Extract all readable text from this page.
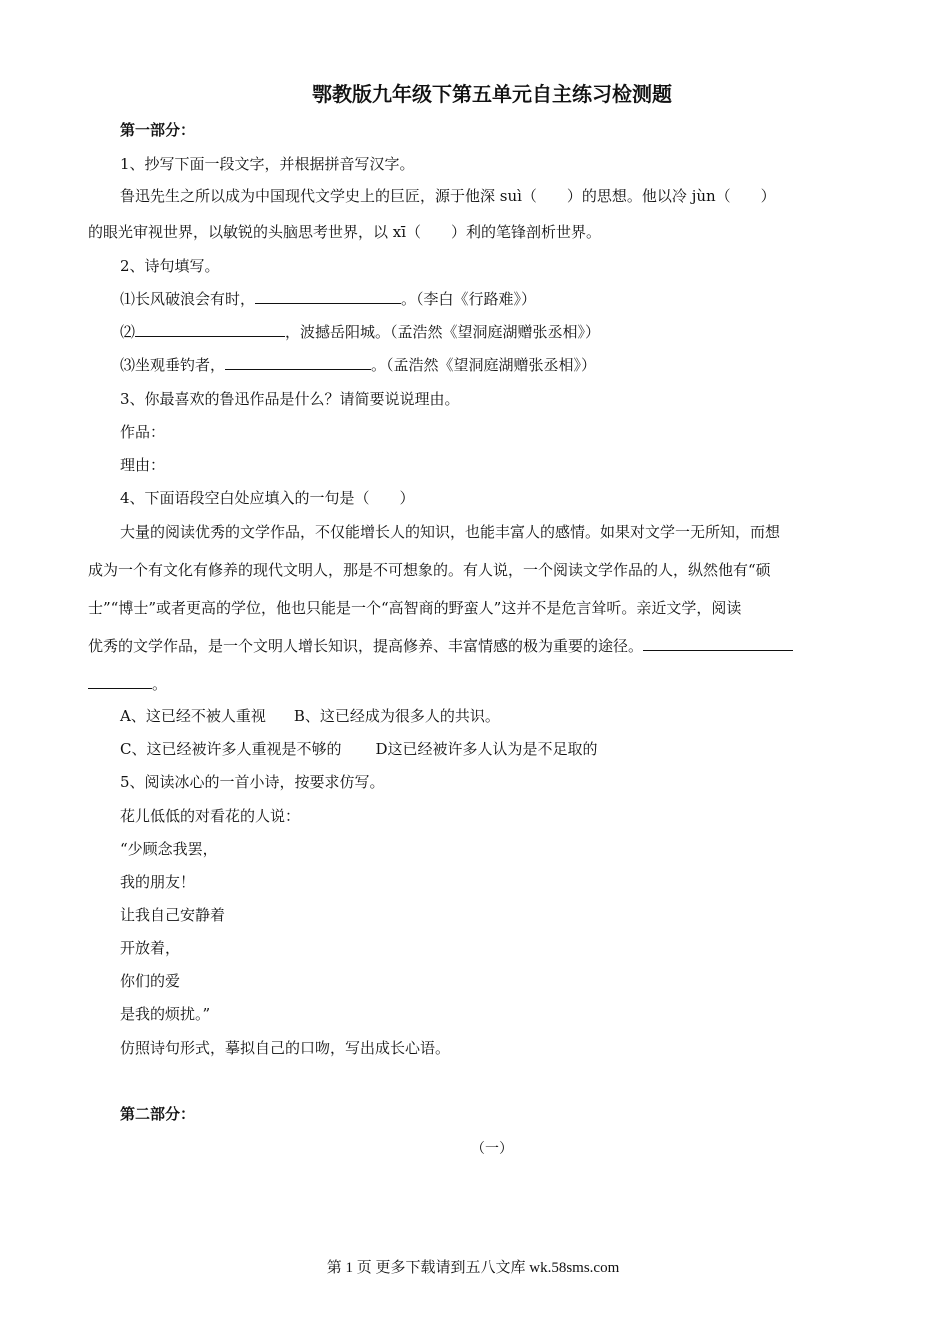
鄂教版九年级下第五单元自主练习检测题
第一部分：
1、抄写下面一段文字，并根据拼音写汉字。
鲁迅先生之所以成为中国现代文学史上的巨匠，源于他深 suì（　　）的思想。他以冷 jùn（　　）
的眼光审视世界，以敏锐的头脑思考世界，以 xī（　　）利的笔锋剖析世界。
2、诗句填写。
⑴长风破浪会有时，	。（李白《行路难》）
⑵	，波撼岳阳城。（孟浩然《望洞庭湖赠张丞相》）
⑶坐观垂钓者，	。（孟浩然《望洞庭湖赠张丞相》）
3、你最喜欢的鲁迅作品是什么？请简要说说理由。
作品：
理由：
4、下面语段空白处应填入的一句是（　　）
大量的阅读优秀的文学作品，不仅能增长人的知识，也能丰富人的感情。如果对文学一无所知，而想
成为一个有文化有修养的现代文明人，那是不可想象的。有人说，一个阅读文学作品的人，纵然他有“硕
士”“博士”或者更高的学位，他也只能是一个“高智商的野蛮人”这并不是危言耸听。亲近文学，阅读
优秀的文学作品，是一个文明人增长知识，提高修养、丰富情感的极为重要的途径。
。
A、这已经不被人重视 B、这已经成为很多人的共识。
C、这已经被许多人重视是不够的 D这已经被许多人认为是不足取的
5、阅读冰心的一首小诗，按要求仿写。
花儿低低的对看花的人说：
“少顾念我罢，
我的朋友！
让我自己安静着
开放着，
你们的爱
是我的烦扰。”
仿照诗句形式，摹拟自己的口吻，写出成长心语。
第二部分：
（一）
第 1 页 更多下载请到五八文库 wk.58sms.com
